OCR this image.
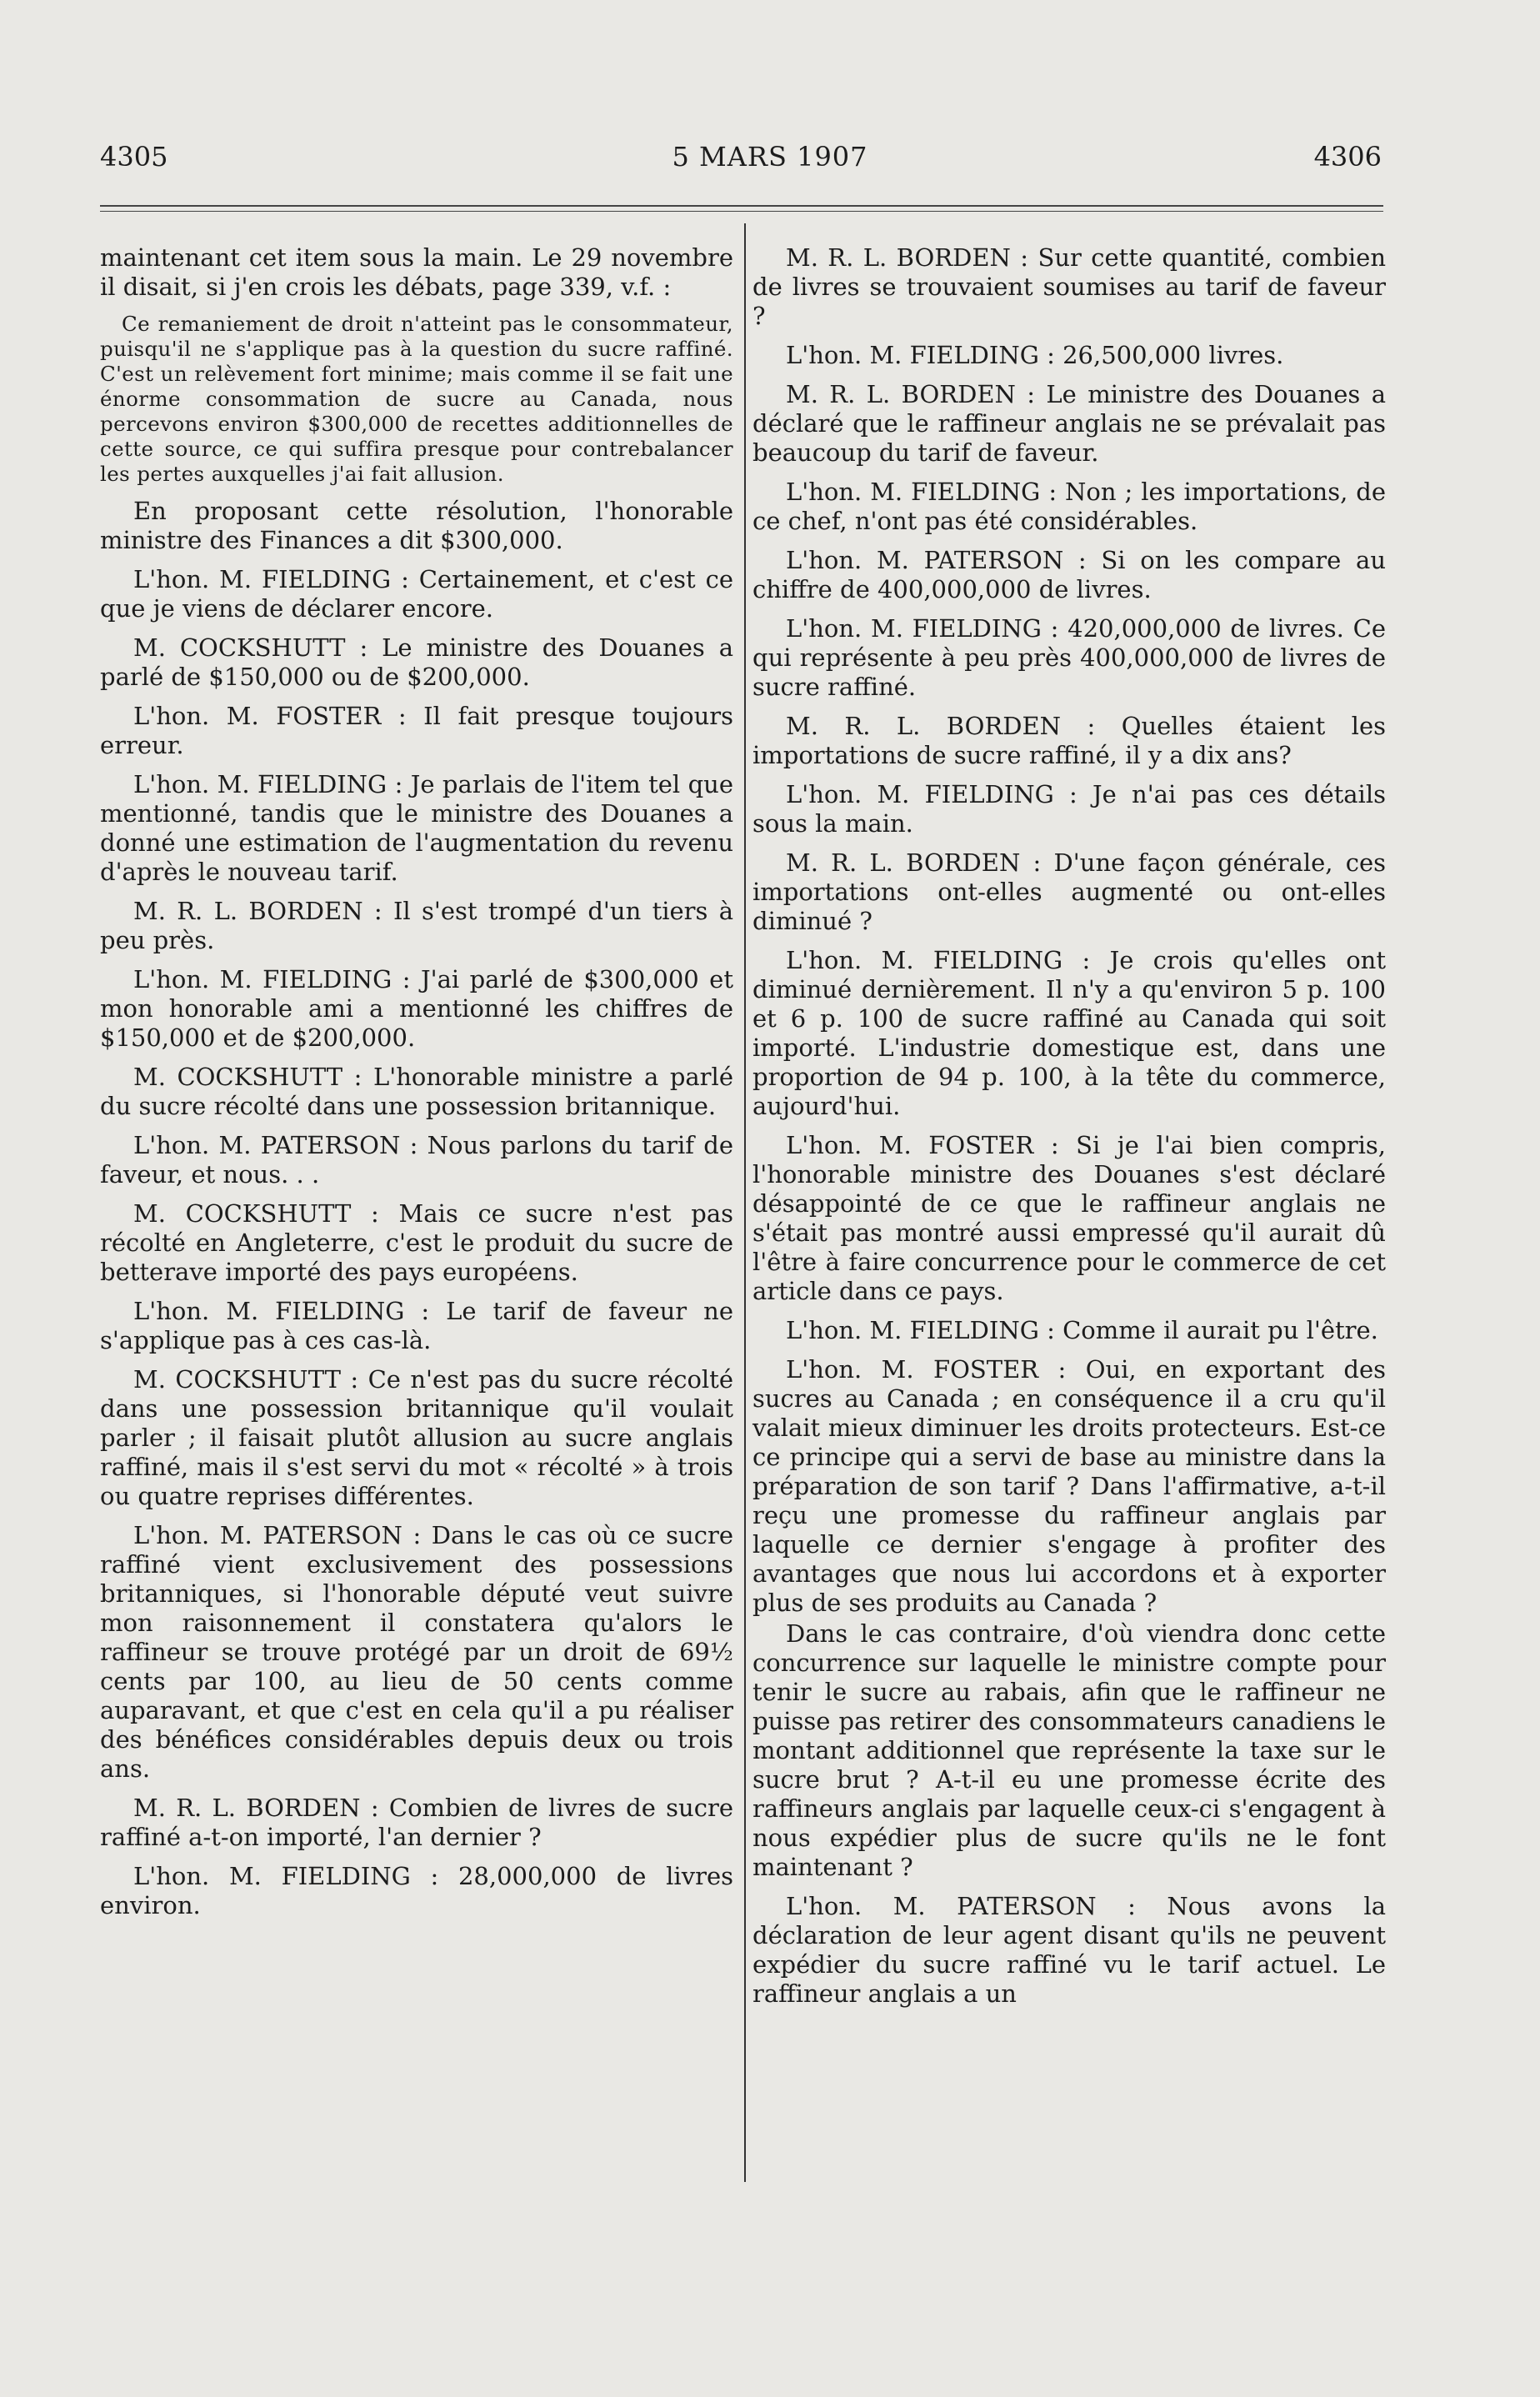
4305	5 MARS 1907	4306

maintenant cet item sous la main. Le 29 novembre il disait, si j'en crois les débats, page 339, v.f. :

Ce remaniement de droit n'atteint pas le consommateur, puisqu'il ne s'applique pas à la question du sucre raffiné. C'est un relèvement fort minime; mais comme il se fait une énorme consommation de sucre au Canada, nous percevons environ $300,000 de recettes additionnelles de cette source, ce qui suffira presque pour contrebalancer les pertes auxquelles j'ai fait allusion.

En proposant cette résolution, l'honorable ministre des Finances a dit $300,000.

L'hon. M. FIELDING : Certainement, et c'est ce que je viens de déclarer encore.

M. COCKSHUTT : Le ministre des Douanes a parlé de $150,000 ou de $200,000.

L'hon. M. FOSTER : Il fait presque toujours erreur.

L'hon. M. FIELDING : Je parlais de l'item tel que mentionné, tandis que le ministre des Douanes a donné une estimation de l'augmentation du revenu d'après le nouveau tarif.

M. R. L. BORDEN : Il s'est trompé d'un tiers à peu près.

L'hon. M. FIELDING : J'ai parlé de $300,000 et mon honorable ami a mentionné les chiffres de $150,000 et de $200,000.

M. COCKSHUTT : L'honorable ministre a parlé du sucre récolté dans une possession britannique.

L'hon. M. PATERSON : Nous parlons du tarif de faveur, et nous. . .

M. COCKSHUTT : Mais ce sucre n'est pas récolté en Angleterre, c'est le produit du sucre de betterave importé des pays européens.

L'hon. M. FIELDING : Le tarif de faveur ne s'applique pas à ces cas-là.

M. COCKSHUTT : Ce n'est pas du sucre récolté dans une possession britannique qu'il voulait parler ; il faisait plutôt allusion au sucre anglais raffiné, mais il s'est servi du mot « récolté » à trois ou quatre reprises différentes.

L'hon. M. PATERSON : Dans le cas où ce sucre raffiné vient exclusivement des possessions britanniques, si l'honorable député veut suivre mon raisonnement il constatera qu'alors le raffineur se trouve protégé par un droit de 69½ cents par 100, au lieu de 50 cents comme auparavant, et que c'est en cela qu'il a pu réaliser des bénéfices considérables depuis deux ou trois ans.

M. R. L. BORDEN : Combien de livres de sucre raffiné a-t-on importé, l'an dernier ?

L'hon. M. FIELDING : 28,000,000 de livres environ.

M. R. L. BORDEN : Sur cette quantité, combien de livres se trouvaient soumises au tarif de faveur ?

L'hon. M. FIELDING : 26,500,000 livres.

M. R. L. BORDEN : Le ministre des Douanes a déclaré que le raffineur anglais ne se prévalait pas beaucoup du tarif de faveur.

L'hon. M. FIELDING : Non ; les importations, de ce chef, n'ont pas été considérables.

L'hon. M. PATERSON : Si on les compare au chiffre de 400,000,000 de livres.

L'hon. M. FIELDING : 420,000,000 de livres. Ce qui représente à peu près 400,000,000 de livres de sucre raffiné.

M. R. L. BORDEN : Quelles étaient les importations de sucre raffiné, il y a dix ans?

L'hon. M. FIELDING : Je n'ai pas ces détails sous la main.

M. R. L. BORDEN : D'une façon générale, ces importations ont-elles augmenté ou ont-elles diminué ?

L'hon. M. FIELDING : Je crois qu'elles ont diminué dernièrement. Il n'y a qu'environ 5 p. 100 et 6 p. 100 de sucre raffiné au Canada qui soit importé. L'industrie domestique est, dans une proportion de 94 p. 100, à la tête du commerce, aujourd'hui.

L'hon. M. FOSTER : Si je l'ai bien compris, l'honorable ministre des Douanes s'est déclaré désappointé de ce que le raffineur anglais ne s'était pas montré aussi empressé qu'il aurait dû l'être à faire concurrence pour le commerce de cet article dans ce pays.

L'hon. M. FIELDING : Comme il aurait pu l'être.

L'hon. M. FOSTER : Oui, en exportant des sucres au Canada ; en conséquence il a cru qu'il valait mieux diminuer les droits protecteurs. Est-ce ce principe qui a servi de base au ministre dans la préparation de son tarif ? Dans l'affirmative, a-t-il reçu une promesse du raffineur anglais par laquelle ce dernier s'engage à profiter des avantages que nous lui accordons et à exporter plus de ses produits au Canada ?

Dans le cas contraire, d'où viendra donc cette concurrence sur laquelle le ministre compte pour tenir le sucre au rabais, afin que le raffineur ne puisse pas retirer des consommateurs canadiens le montant additionnel que représente la taxe sur le sucre brut ? A-t-il eu une promesse écrite des raffineurs anglais par laquelle ceux-ci s'engagent à nous expédier plus de sucre qu'ils ne le font maintenant ?

L'hon. M. PATERSON : Nous avons la déclaration de leur agent disant qu'ils ne peuvent expédier du sucre raffiné vu le tarif actuel. Le raffineur anglais a un
